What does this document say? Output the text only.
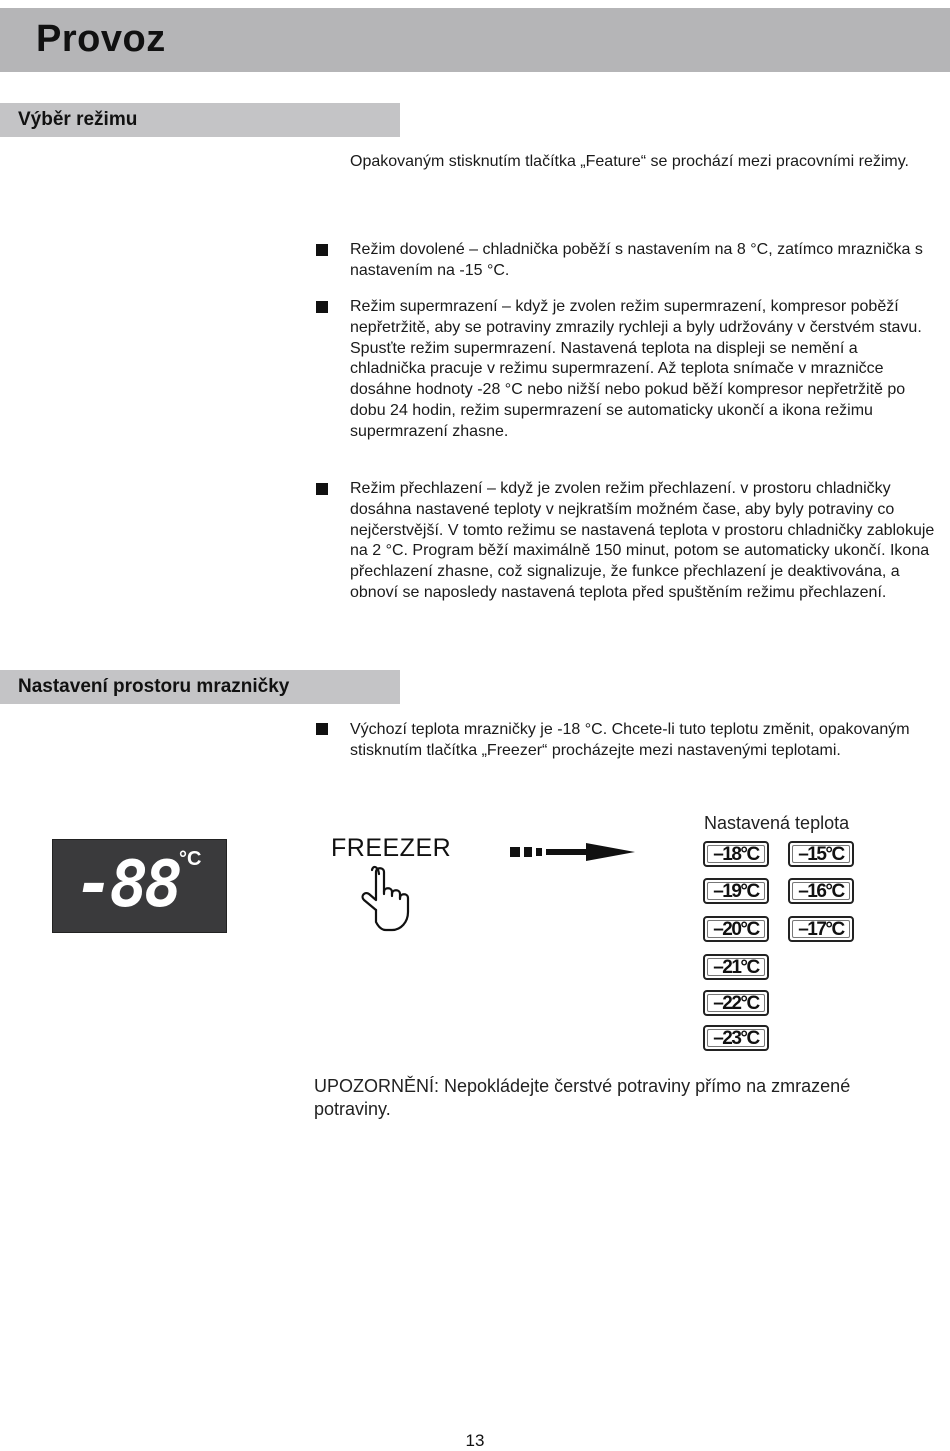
Provoz
Výběr režimu

Opakovaným stisknutím tlačítka „Feature“ se prochází mezi pracovními režimy.

Režim dovolené – chladnička poběží s nastavením na 8 °C, zatímco mraznička s nastavením na -15 °C.

Režim supermrazení – když je zvolen režim supermrazení, kompresor poběží nepřetržitě, aby se potraviny zmrazily rychleji a byly udržovány v čerstvém stavu. Spusťte režim supermrazení. Nastavená teplota na displeji se nemění a chladnička pracuje v režimu supermrazení. Až teplota snímače v mrazničce dosáhne hodnoty -28 °C nebo nižší nebo pokud běží kompresor nepřetržitě po dobu 24 hodin, režim supermrazení se automaticky ukončí a ikona režimu supermrazení zhasne.

Režim přechlazení – když je zvolen režim přechlazení. v prostoru chladničky dosáhna nastavené teploty v nejkratším možném čase, aby byly potraviny co nejčerstvější. V tomto režimu se nastavená teplota v prostoru chladničky zablokuje na 2 °C. Program běží maximálně 150 minut, potom se automaticky ukončí. Ikona přechlazení zhasne, což signalizuje, že funkce přechlazení je deaktivována, a obnoví se naposledy nastavená teplota před spuštěním režimu přechlazení.

Nastavení prostoru mrazničky

Výchozí teplota mrazničky je -18 °C. Chcete-li tuto teplotu změnit, opakovaným stisknutím tlačítka „Freezer“ procházejte mezi nastavenými teplotami.

-88 °C	FREEZER
Nastavená teplota
–18°C
–19°C
–20°C
–21°C
–22°C
–23°C
–15°C
–16°C
–17°C

UPOZORNĚNÍ: Nepokládejte čerstvé potraviny přímo na zmrazené potraviny.

13
